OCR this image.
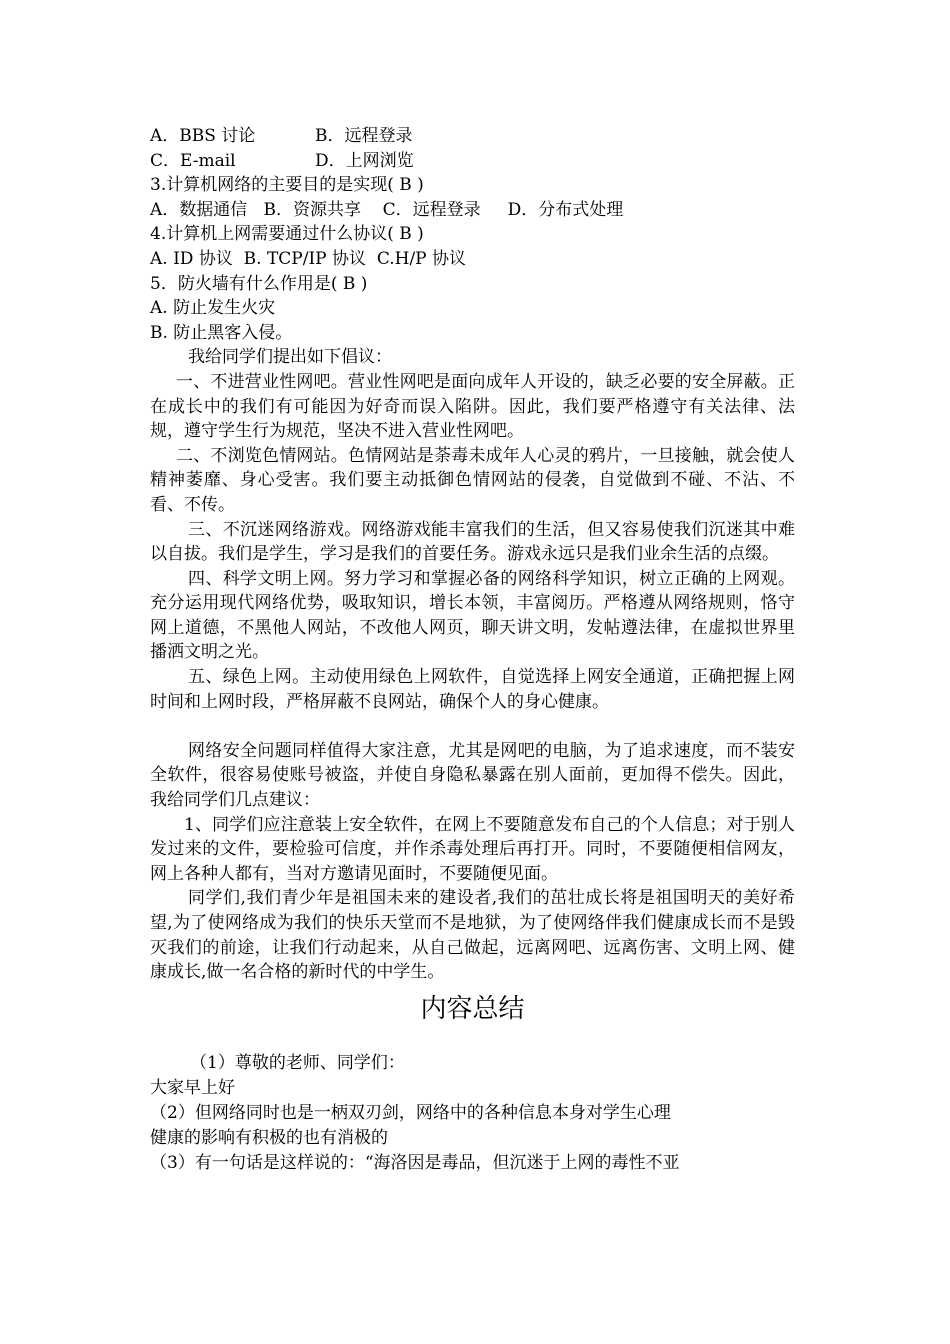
A．BBS 讨论	B．远程登录
C．E-mail	D．上网浏览
3.计算机网络的主要目的是实现( B )
A．数据通信   B．资源共享    C．远程登录     D．分布式处理
4.计算机上网需要通过什么协议( B )
A. ID 协议  B. TCP/IP 协议  C.H/P 协议
5．防火墙有什么作用是( B )
A. 防止发生火灾
B. 防止黑客入侵。
我给同学们提出如下倡议：
一、不进营业性网吧。营业性网吧是面向成年人开设的，缺乏必要的安全屏蔽。正在成长中的我们有可能因为好奇而误入陷阱。因此，我们要严格遵守有关法律、法规，遵守学生行为规范，坚决不进入营业性网吧。
二、不浏览色情网站。色情网站是荼毒未成年人心灵的鸦片，一旦接触，就会使人精神萎靡、身心受害。我们要主动抵御色情网站的侵袭，自觉做到不碰、不沾、不看、不传。
三、不沉迷网络游戏。网络游戏能丰富我们的生活，但又容易使我们沉迷其中难以自拔。我们是学生，学习是我们的首要任务。游戏永远只是我们业余生活的点缀。
四、科学文明上网。努力学习和掌握必备的网络科学知识，树立正确的上网观。充分运用现代网络优势，吸取知识，增长本领，丰富阅历。严格遵从网络规则，恪守网上道德，不黑他人网站，不改他人网页，聊天讲文明，发帖遵法律，在虚拟世界里播洒文明之光。
五、绿色上网。主动使用绿色上网软件，自觉选择上网安全通道，正确把握上网时间和上网时段，严格屏蔽不良网站，确保个人的身心健康。
网络安全问题同样值得大家注意，尤其是网吧的电脑，为了追求速度，而不装安全软件，很容易使账号被盗，并使自身隐私暴露在别人面前，更加得不偿失。因此，我给同学们几点建议：
1、同学们应注意装上安全软件，在网上不要随意发布自己的个人信息；对于别人发过来的文件，要检验可信度，并作杀毒处理后再打开。同时，不要随便相信网友，网上各种人都有，当对方邀请见面时，不要随便见面。
同学们,我们青少年是祖国未来的建设者,我们的茁壮成长将是祖国明天的美好希望,为了使网络成为我们的快乐天堂而不是地狱，为了使网络伴我们健康成长而不是毁灭我们的前途，让我们行动起来，从自己做起，远离网吧、远离伤害、文明上网、健康成长,做一名合格的新时代的中学生。
内容总结
（1）尊敬的老师、同学们：
大家早上好
（2）但网络同时也是一柄双刃剑，网络中的各种信息本身对学生心理
健康的影响有积极的也有消极的
（3）有一句话是这样说的：“海洛因是毒品，但沉迷于上网的毒性不亚
